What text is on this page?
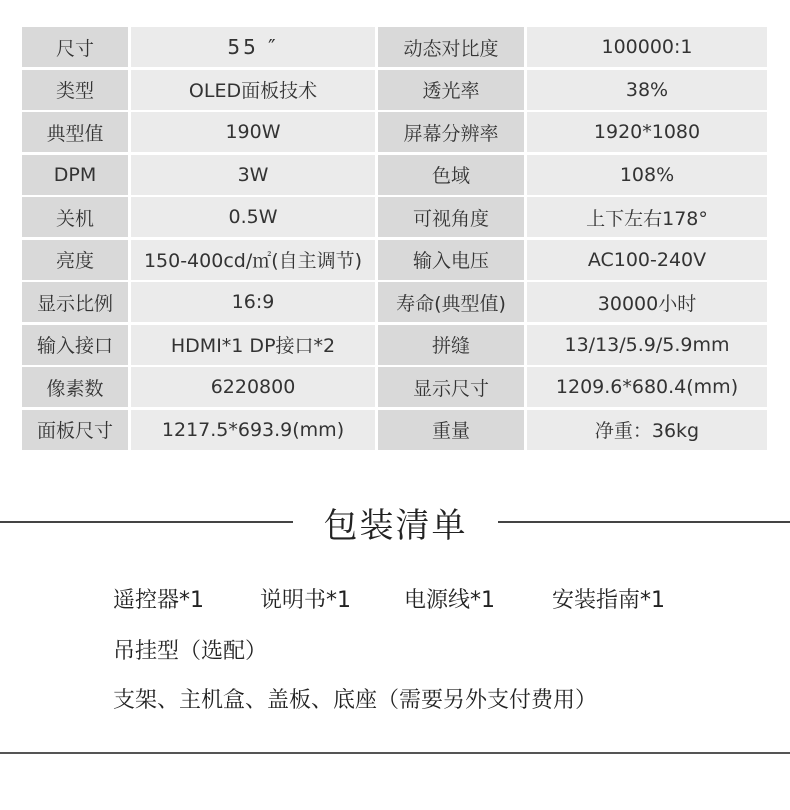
尺寸	55 ″	动态对比度	100000:1
类型	OLED面板技术	透光率	38%
典型值	190W	屏幕分辨率	1920*1080
DPM	3W	色域	108%
关机	0.5W	可视角度	上下左右178°
亮度	150-400cd/㎡(自主调节)	输入电压	AC100-240V
显示比例	16:9	寿命(典型值)	30000小时
输入接口	HDMI*1 DP接口*2	拼缝	13/13/5.9/5.9mm
像素数	6220800	显示尺寸	1209.6*680.4(mm)
面板尺寸	1217.5*693.9(mm)	重量	净重：36kg
包装清单
遥控器*1	说明书*1 电源线*1	安装指南*1
吊挂型（选配）
支架、主机盒、盖板、底座（需要另外支付费用）
